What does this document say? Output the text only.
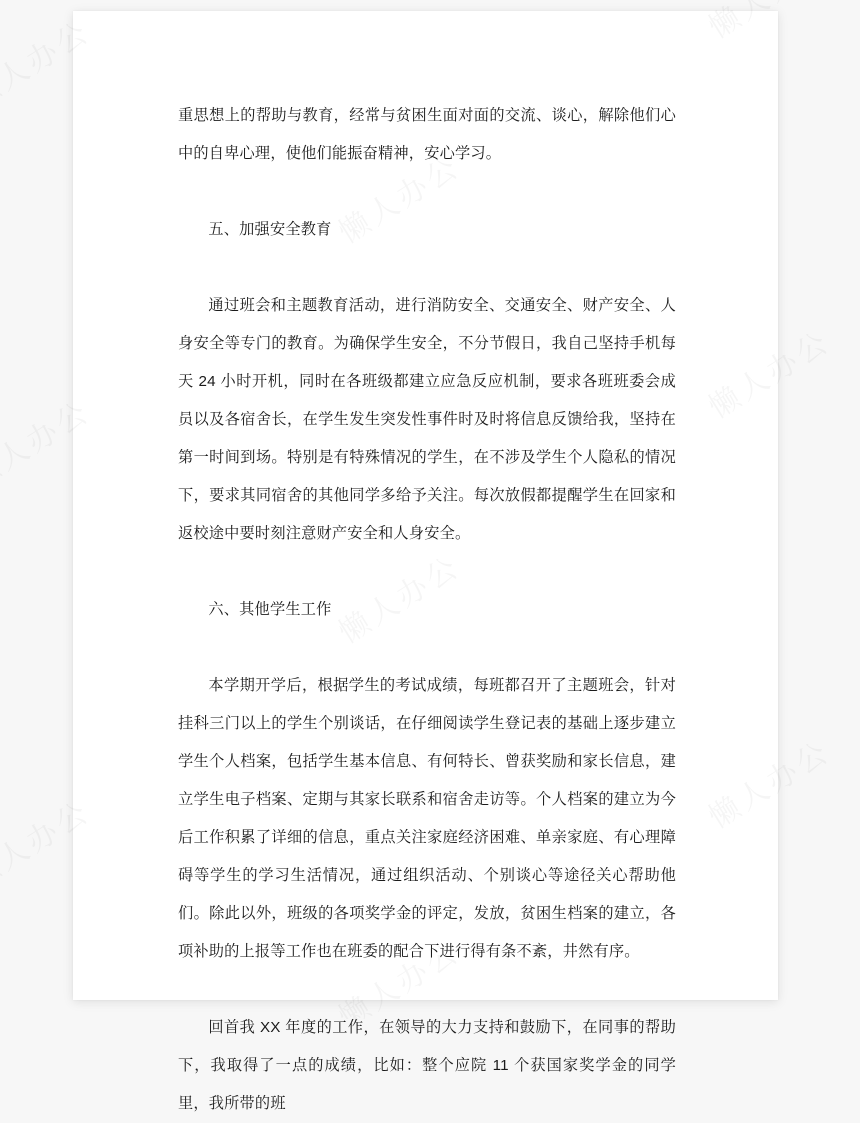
重思想上的帮助与教育，经常与贫困生面对面的交流、谈心，解除他们心中的自卑心理，使他们能振奋精神，安心学习。

五、加强安全教育

通过班会和主题教育活动，进行消防安全、交通安全、财产安全、人身安全等专门的教育。为确保学生安全，不分节假日，我自己坚持手机每天 24 小时开机，同时在各班级都建立应急反应机制，要求各班班委会成员以及各宿舍长，在学生发生突发性事件时及时将信息反馈给我，坚持在第一时间到场。特别是有特殊情况的学生，在不涉及学生个人隐私的情况下，要求其同宿舍的其他同学多给予关注。每次放假都提醒学生在回家和返校途中要时刻注意财产安全和人身安全。

六、其他学生工作

本学期开学后，根据学生的考试成绩，每班都召开了主题班会，针对挂科三门以上的学生个别谈话，在仔细阅读学生登记表的基础上逐步建立学生个人档案，包括学生基本信息、有何特长、曾获奖励和家长信息，建立学生电子档案、定期与其家长联系和宿舍走访等。个人档案的建立为今后工作积累了详细的信息，重点关注家庭经济困难、单亲家庭、有心理障碍等学生的学习生活情况，通过组织活动、个别谈心等途径关心帮助他们。除此以外，班级的各项奖学金的评定，发放，贫困生档案的建立，各项补助的上报等工作也在班委的配合下进行得有条不紊，井然有序。

回首我 XX 年度的工作，在领导的大力支持和鼓励下，在同事的帮助下，我取得了一点的成绩，比如：整个应院 11 个获国家奖学金的同学里，我所带的班
